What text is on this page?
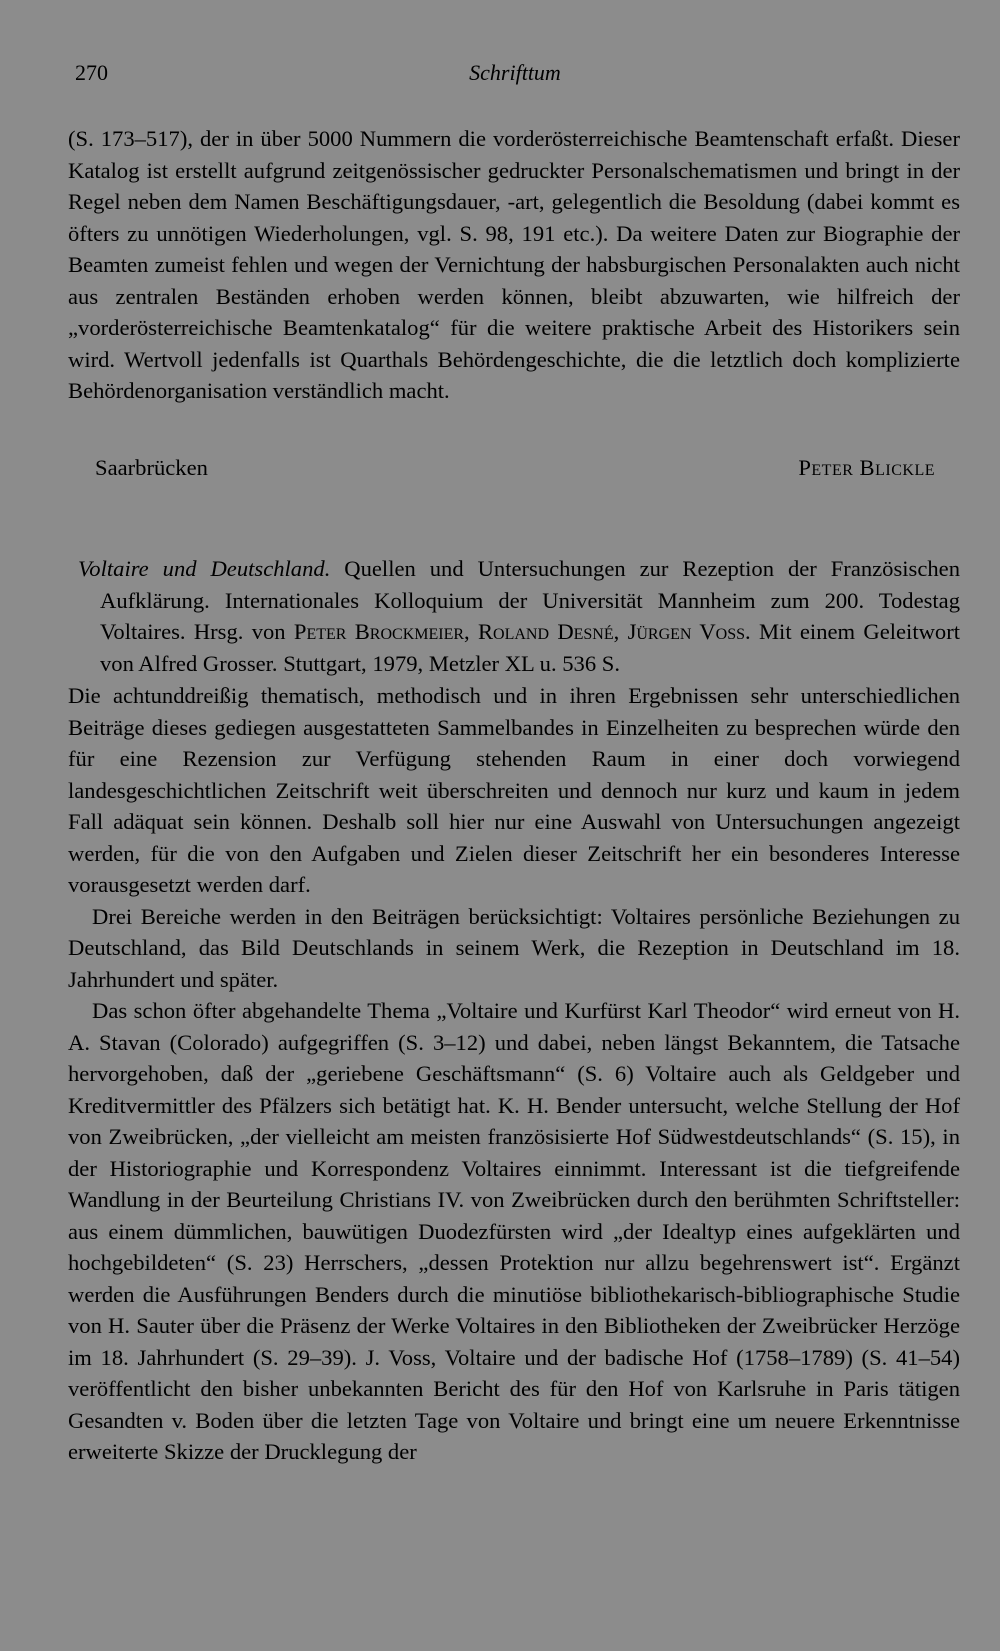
270	Schrifttum

(S. 173–517), der in über 5000 Nummern die vorderösterreichische Beamtenschaft erfaßt. Dieser Katalog ist erstellt aufgrund zeitgenössischer gedruckter Personalschematismen und bringt in der Regel neben dem Namen Beschäftigungsdauer, -art, gelegentlich die Besoldung (dabei kommt es öfters zu unnötigen Wiederholungen, vgl. S. 98, 191 etc.). Da weitere Daten zur Biographie der Beamten zumeist fehlen und wegen der Vernichtung der habsburgischen Personalakten auch nicht aus zentralen Beständen erhoben werden können, bleibt abzuwarten, wie hilfreich der „vorderösterreichische Beamtenkatalog“ für die weitere praktische Arbeit des Historikers sein wird. Wertvoll jedenfalls ist Quarthals Behördengeschichte, die die letztlich doch komplizierte Behördenorganisation verständlich macht.

Saarbrücken	Peter Blickle
Voltaire und Deutschland. Quellen und Untersuchungen zur Rezeption der Französischen Aufklärung. Internationales Kolloquium der Universität Mannheim zum 200. Todestag Voltaires. Hrsg. von Peter Brockmeier, Roland Desné, Jürgen Voss. Mit einem Geleitwort von Alfred Grosser. Stuttgart, 1979, Metzler XL u. 536 S.

Die achtunddreißig thematisch, methodisch und in ihren Ergebnissen sehr unterschiedlichen Beiträge dieses gediegen ausgestatteten Sammelbandes in Einzelheiten zu besprechen würde den für eine Rezension zur Verfügung stehenden Raum in einer doch vorwiegend landesgeschichtlichen Zeitschrift weit überschreiten und dennoch nur kurz und kaum in jedem Fall adäquat sein können. Deshalb soll hier nur eine Auswahl von Untersuchungen angezeigt werden, für die von den Aufgaben und Zielen dieser Zeitschrift her ein besonderes Interesse vorausgesetzt werden darf.

Drei Bereiche werden in den Beiträgen berücksichtigt: Voltaires persönliche Beziehungen zu Deutschland, das Bild Deutschlands in seinem Werk, die Rezeption in Deutschland im 18. Jahrhundert und später.

Das schon öfter abgehandelte Thema „Voltaire und Kurfürst Karl Theodor“ wird erneut von H. A. Stavan (Colorado) aufgegriffen (S. 3–12) und dabei, neben längst Bekanntem, die Tatsache hervorgehoben, daß der „geriebene Geschäftsmann“ (S. 6) Voltaire auch als Geldgeber und Kreditvermittler des Pfälzers sich betätigt hat. K. H. Bender untersucht, welche Stellung der Hof von Zweibrücken, „der vielleicht am meisten französisierte Hof Südwestdeutschlands“ (S. 15), in der Historiographie und Korrespondenz Voltaires einnimmt. Interessant ist die tiefgreifende Wandlung in der Beurteilung Christians IV. von Zweibrücken durch den berühmten Schriftsteller: aus einem dümmlichen, bauwütigen Duodezfürsten wird „der Idealtyp eines aufgeklärten und hochgebildeten“ (S. 23) Herrschers, „dessen Protektion nur allzu begehrenswert ist“. Ergänzt werden die Ausführungen Benders durch die minutiöse bibliothekarisch-bibliographische Studie von H. Sauter über die Präsenz der Werke Voltaires in den Bibliotheken der Zweibrücker Herzöge im 18. Jahrhundert (S. 29–39). J. Voss, Voltaire und der badische Hof (1758–1789) (S. 41–54) veröffentlicht den bisher unbekannten Bericht des für den Hof von Karlsruhe in Paris tätigen Gesandten v. Boden über die letzten Tage von Voltaire und bringt eine um neuere Erkenntnisse erweiterte Skizze der Drucklegung der
